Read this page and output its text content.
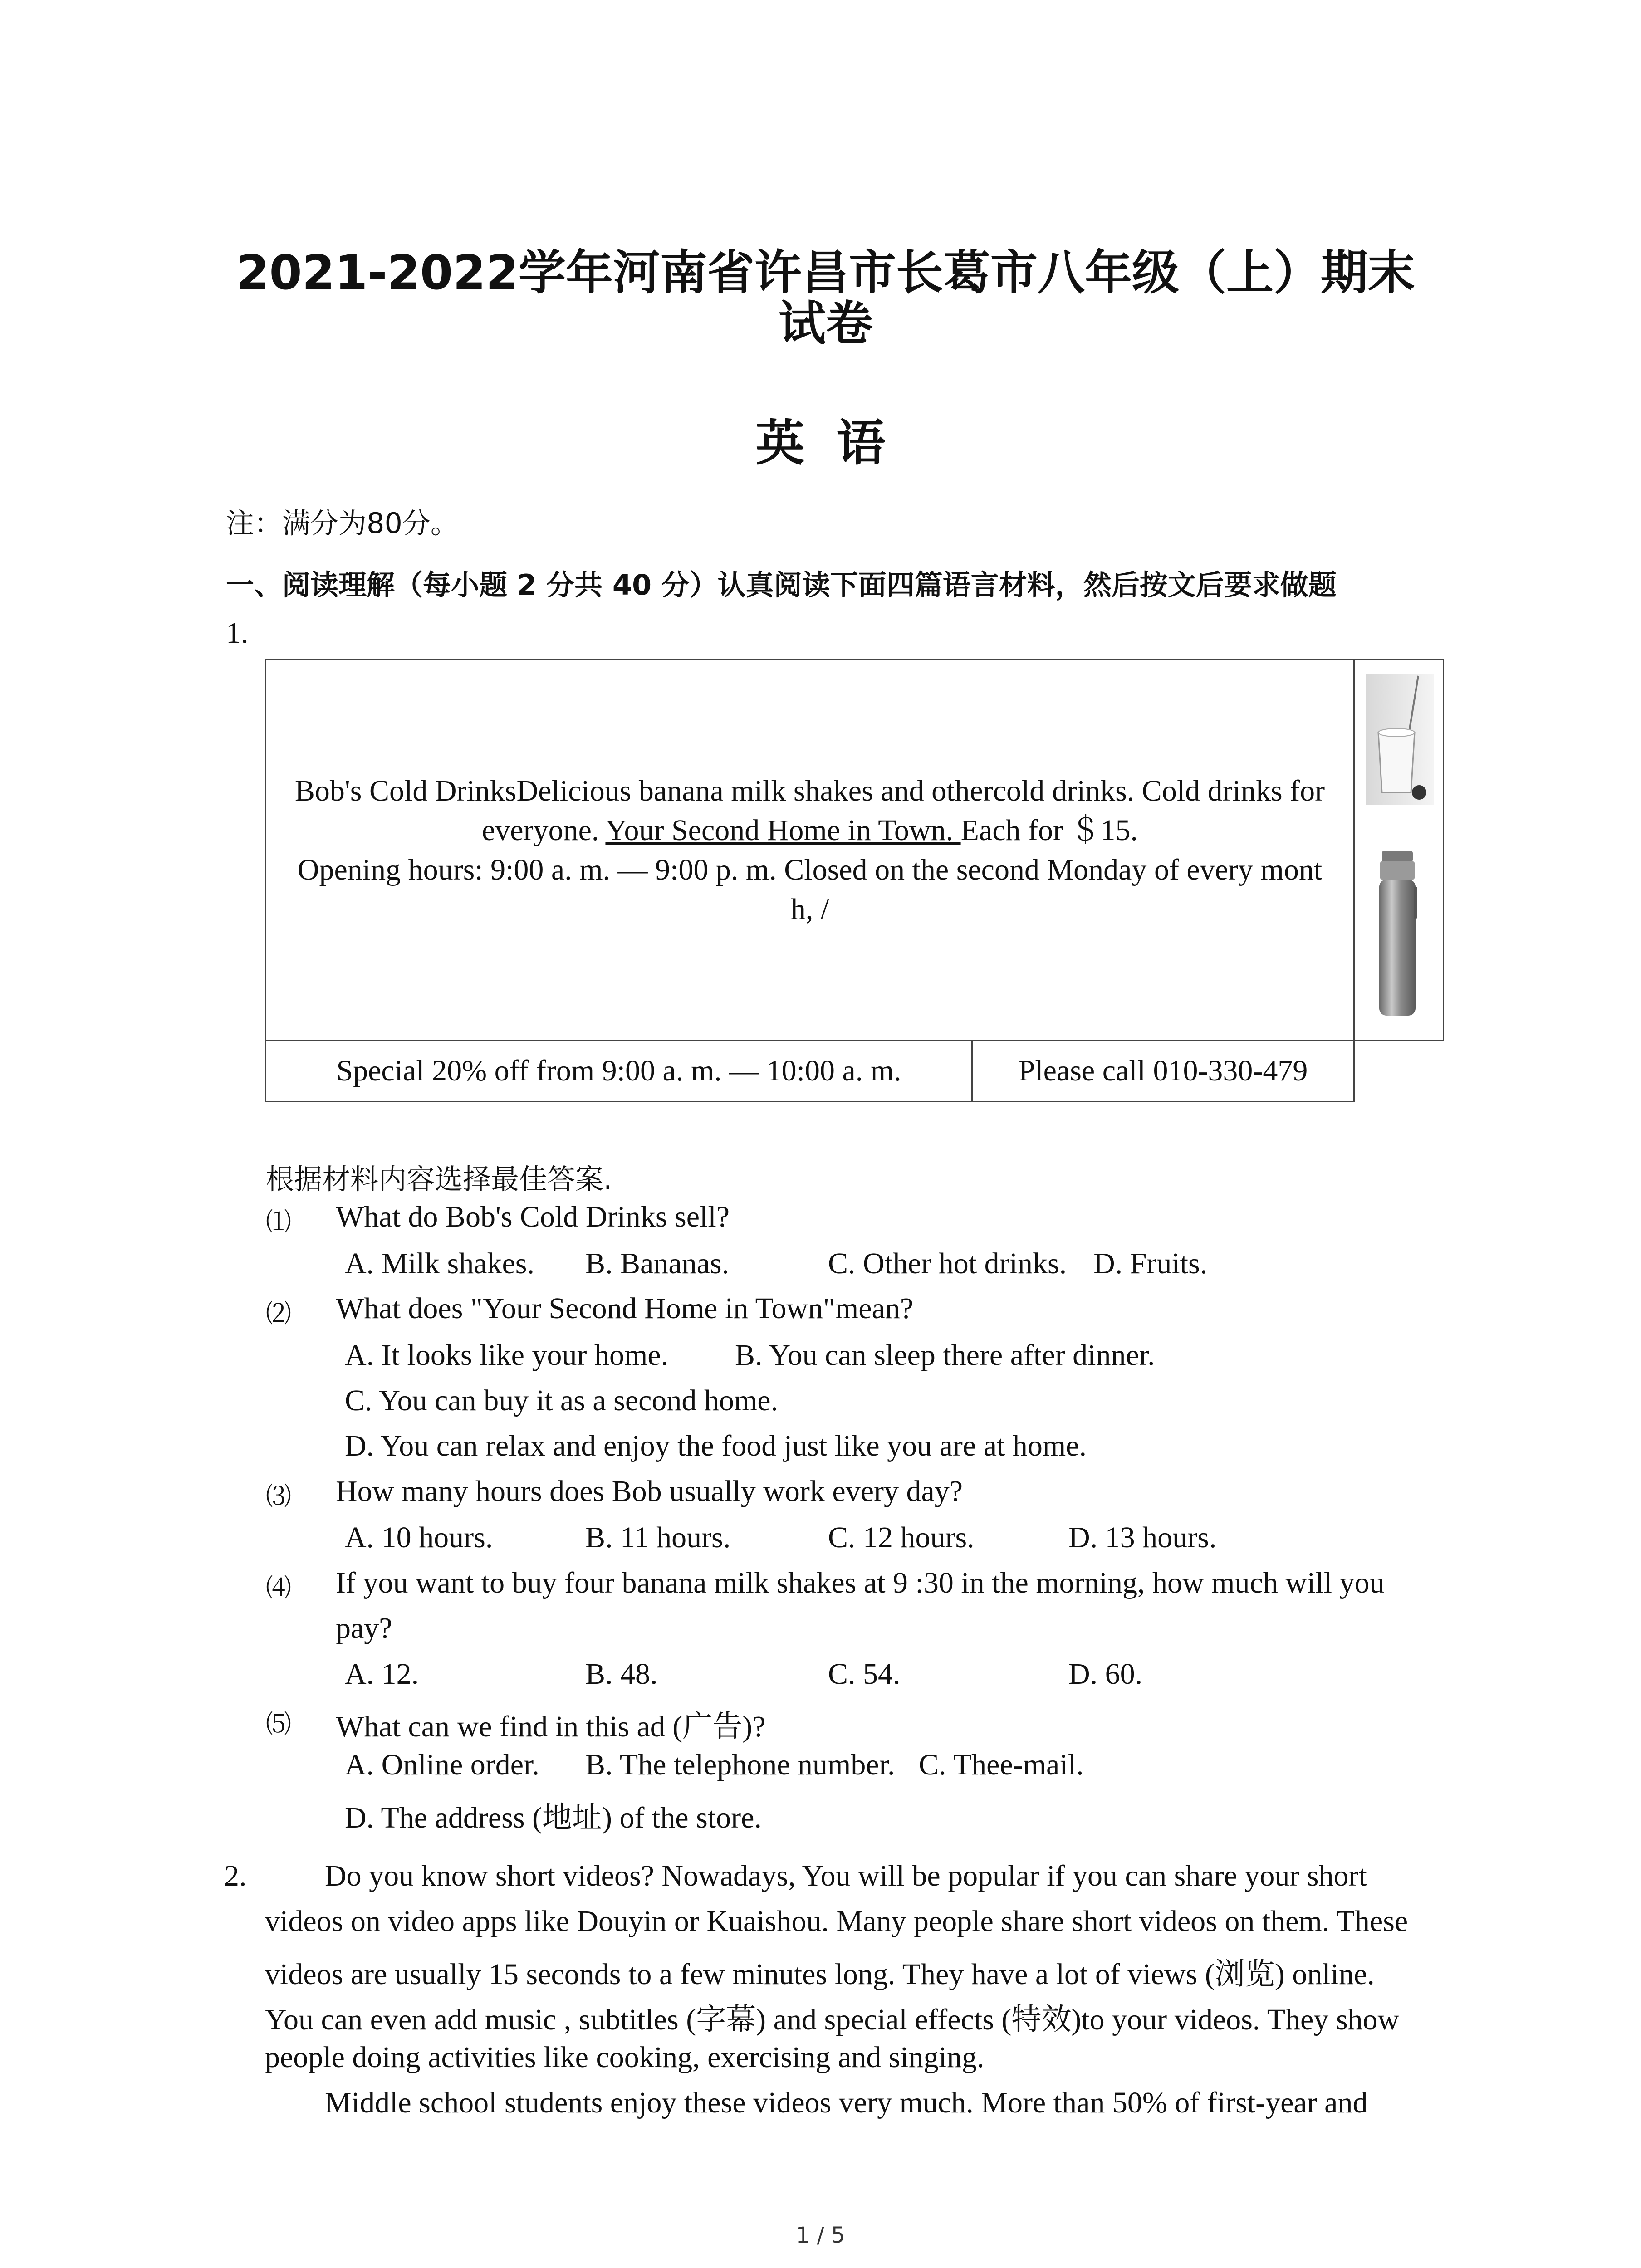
2021-2022学年河南省许昌市长葛市八年级（上）期末
试卷
英语
注：满分为80分。
一、阅读理解（每小题 2 分共 40 分）认真阅读下面四篇语言材料，然后按文后要求做题
1.
Bob's Cold DrinksDelicious banana milk shakes and othercold drinks. Cold drinks for
everyone. Your Second Home in Town. Each for ＄15.
Opening hours: 9:00 a. m. — 9:00 p. m. Closed on the second Monday of every mont
h, /
Special 20% off from 9:00 a. m. — 10:00 a. m.	Please call 010-330-479
根据材料内容选择最佳答案.
⑴ What do Bob's Cold Drinks sell?
A. Milk shakes. B. Bananas.	C. Other hot drinks. D. Fruits.
⑵ What does "Your Second Home in Town"mean?
A. It looks like your home. B. You can sleep there after dinner.
C. You can buy it as a second home.
D. You can relax and enjoy the food just like you are at home.
⑶ How many hours does Bob usually work every day?
A. 10 hours.	B. 11 hours.	C. 12 hours.	D. 13 hours.
⑷ If you want to buy four banana milk shakes at 9 :30 in the morning, how much will you
pay?
A. 12.	B. 48.	C. 54.	D. 60.
⑸ What can we find in this ad (广告)?
A. Online order. B. The telephone number. C. Thee-mail.
D. The address (地址) of the store.
2.	Do you know short videos? Nowadays, You will be popular if you can share your short
videos on video apps like Douyin or Kuaishou. Many people share short videos on them. These
videos are usually 15 seconds to a few minutes long. They have a lot of views (浏览) online.
You can even add music , subtitles (字幕) and special effects (特效)to your videos. They show
people doing activities like cooking, exercising and singing.
Middle school students enjoy these videos very much. More than 50% of first-year and
1 / 5
